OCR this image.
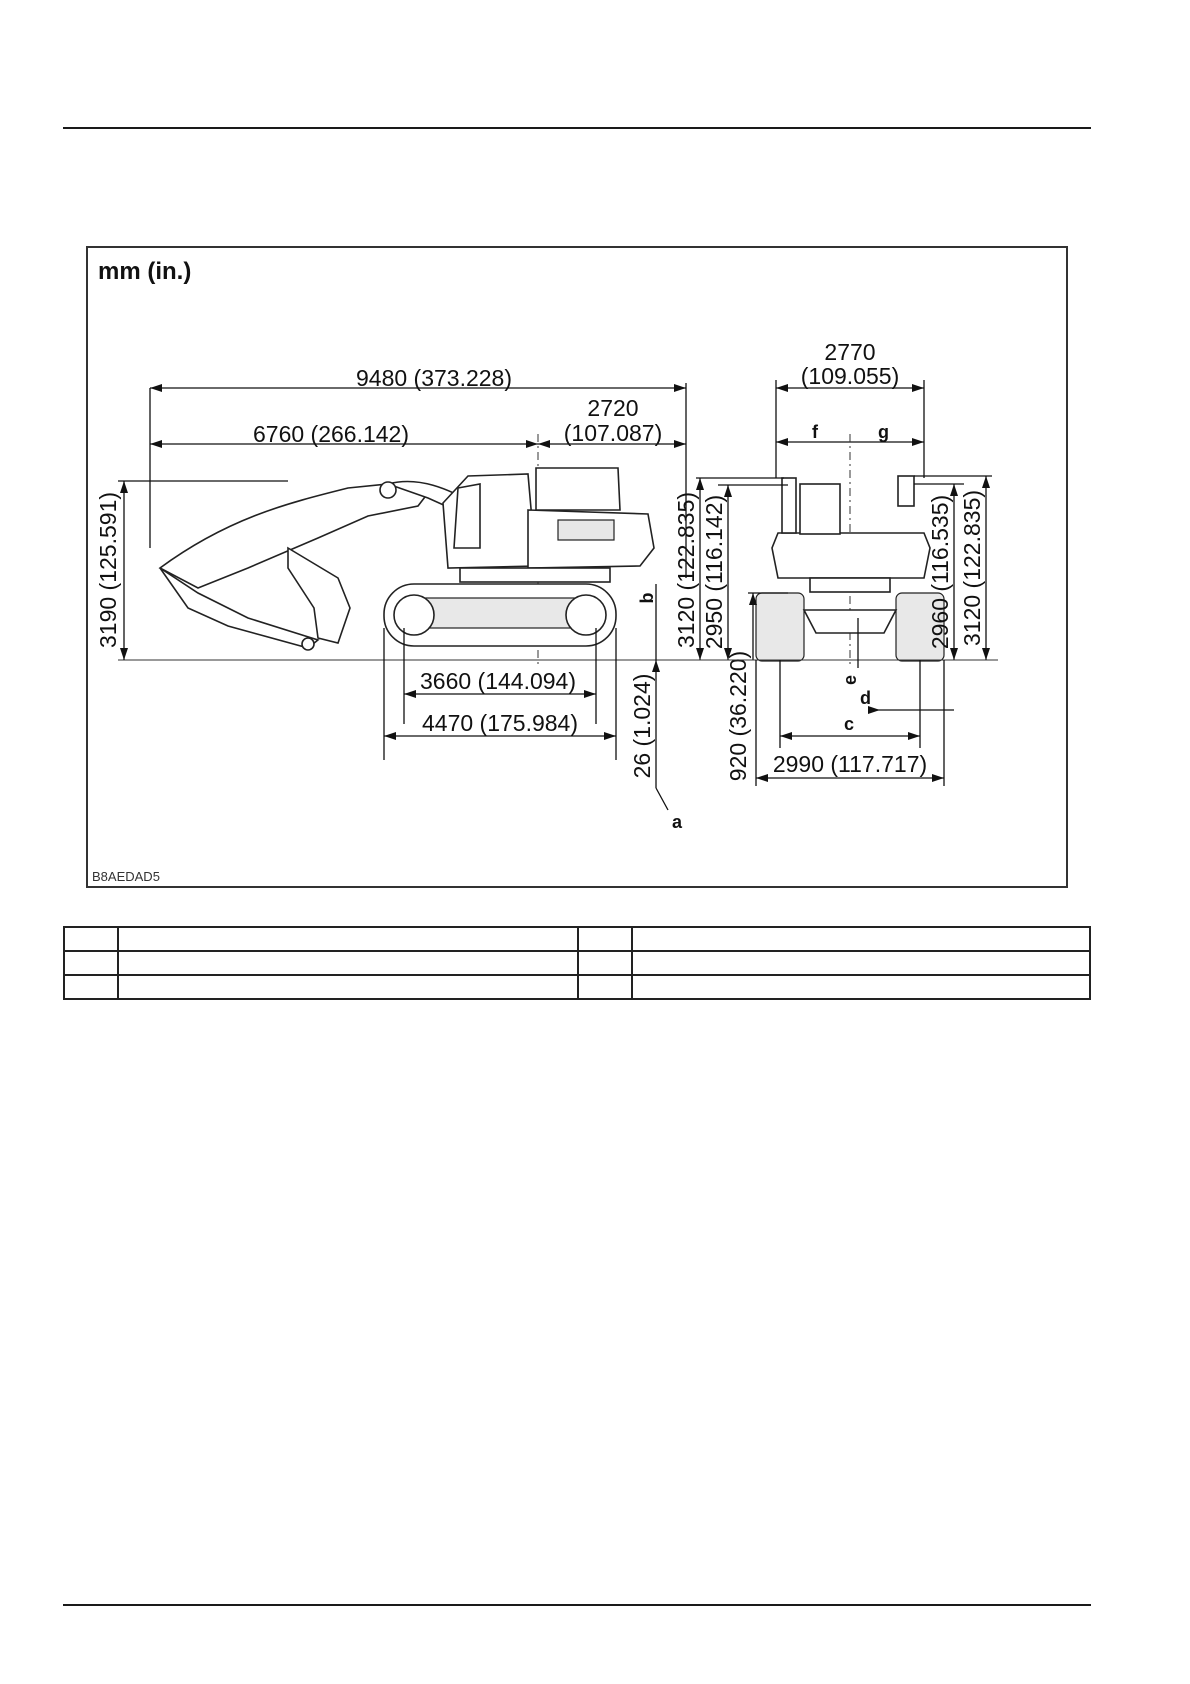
mm (in.)
9480 (373.228)
6760 (266.142)
2720
(107.087)
3190 (125.591)	b
3660 (144.094)
4470 (175.984) 26 (1.024)
a
2770
(109.055)
f	g
3120 (122.835) 2950 (116.142)
920 (36.220)
2960 (116.535) 3120 (122.835)
e
d
c
2990 (117.717)
B8AEDAD5
